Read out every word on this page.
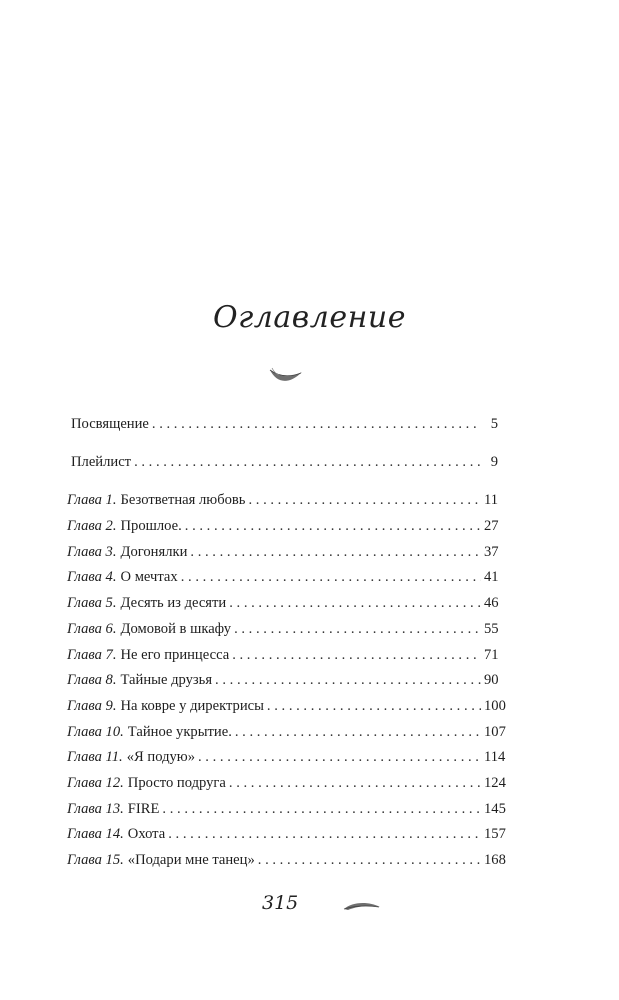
Оглавление
Посвящение . . .	5
Плейлист . . .	9
Глава 1. Безответная любовь . . .	11
Глава 2. Прошлое. . . .	27
Глава 3. Догонялки . . .	37
Глава 4. О мечтах . . .	41
Глава 5. Десять из десяти . . .	46
Глава 6. Домовой в шкафу . . .	55
Глава 7. Не его принцесса . . .	71
Глава 8. Тайные друзья . . .	90
Глава 9. На ковре у директрисы . . .	100
Глава 10. Тайное укрытие. . . .	107
Глава 11. «Я подую» . . .	114
Глава 12. Просто подруга . . .	124
Глава 13. FIRE . . .	145
Глава 14. Охота . . .	157
Глава 15. «Подари мне танец» . . .	168
315
